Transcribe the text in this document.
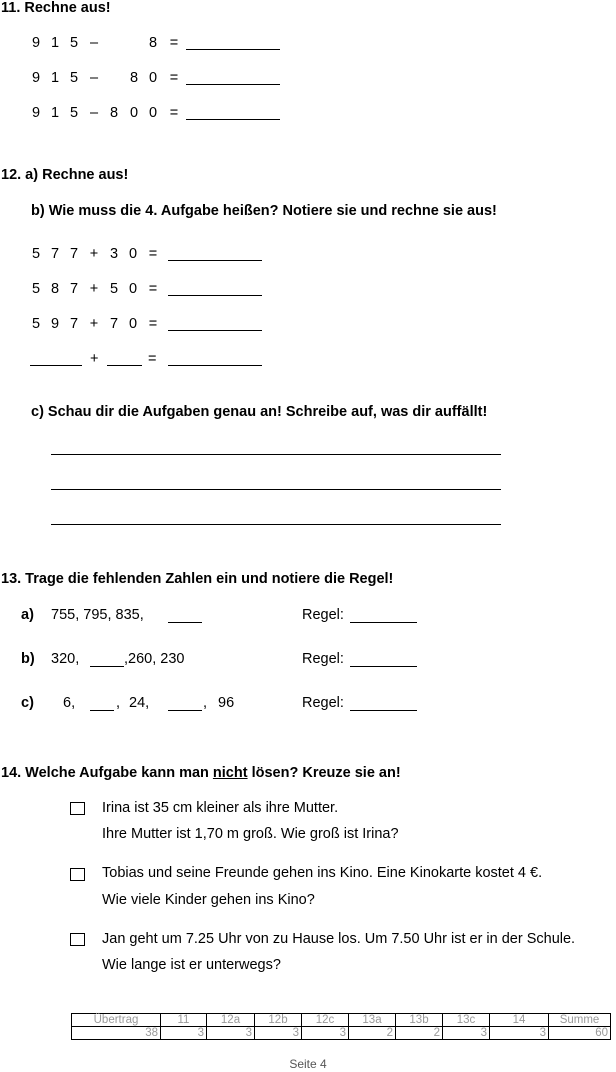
11. Rechne aus!
9 1 5 –	8 =
9 1 5 – 8 0 =
9 1 5 – 8 0 0 =
12. a) Rechne aus!
b) Wie muss die 4. Aufgabe heißen? Notiere sie und rechne sie aus!
5 7 7 + 3 0 =
5 8 7 + 5 0 =
5 9 7 + 7 0 =
+	=
c) Schau dir die Aufgaben genau an! Schreibe auf, was dir auffällt!
13. Trage die fehlenden Zahlen ein und notiere die Regel!
a) 755, 795, 835,	Regel:
b) 320,	,260, 230	Regel:
c) 6,	, 24,	, 96	Regel:
14. Welche Aufgabe kann man nicht lösen? Kreuze sie an!
Irina ist 35 cm kleiner als ihre Mutter.
Ihre Mutter ist 1,70 m groß. Wie groß ist Irina?
Tobias und seine Freunde gehen ins Kino. Eine Kinokarte kostet 4 €.
Wie viele Kinder gehen ins Kino?
Jan geht um 7.25 Uhr von zu Hause los. Um 7.50 Uhr ist er in der Schule.
Wie lange ist er unterwegs?
Übertrag	11	12a	12b	12c	13a	13b	13c	14	Summe
38	3	3	3	3	2	2	3	3	60
Seite 4
